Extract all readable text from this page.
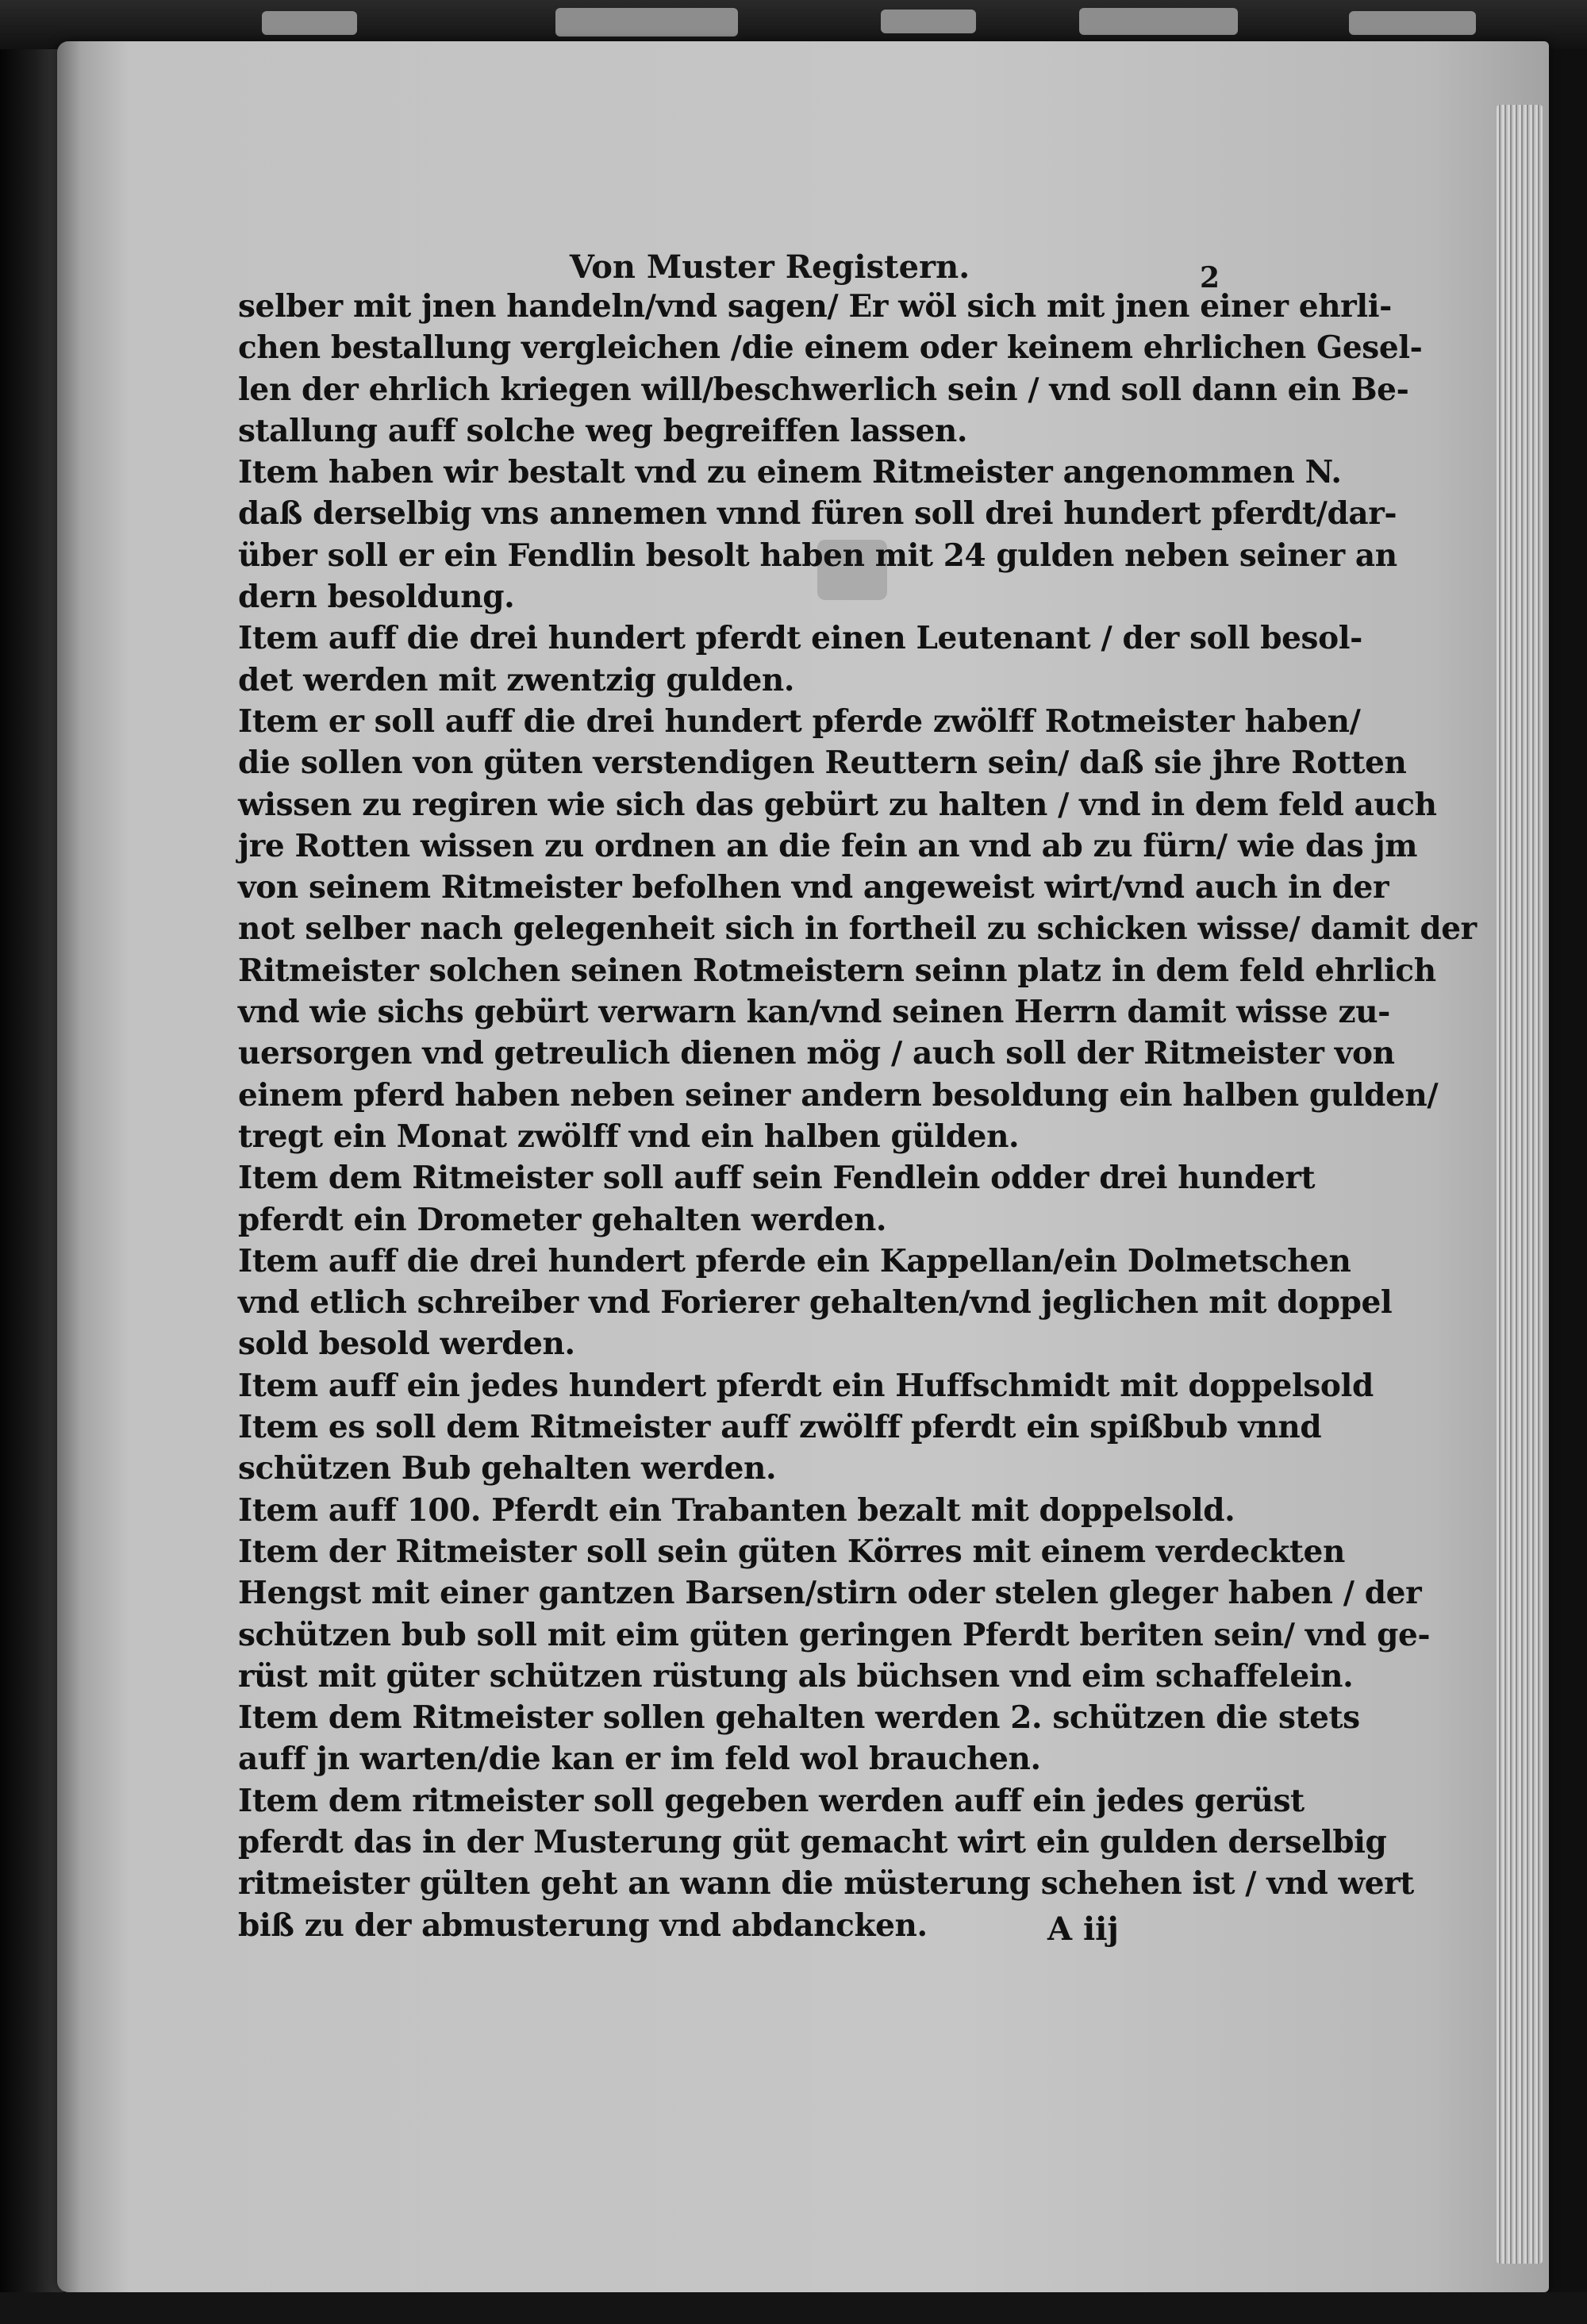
Von Muster Registern.	2
selber mit jnen handeln/vnd sagen/ Er wöl sich mit jnen einer ehrli-
chen bestallung vergleichen /die einem oder keinem ehrlichen Gesel-
len der ehrlich kriegen will/beschwerlich sein / vnd soll dann ein Be-
stallung auff solche weg begreiffen lassen.
Item haben wir bestalt vnd zu einem Ritmeister angenommen N.
daß derselbig vns annemen vnnd füren soll drei hundert pferdt/dar-
über soll er ein Fendlin besolt haben mit 24 gulden neben seiner an
dern besoldung.
Item auff die drei hundert pferdt einen Leutenant / der soll besol-
det werden mit zwentzig gulden.
Item er soll auff die drei hundert pferde zwölff Rotmeister haben/
die sollen von güten verstendigen Reuttern sein/ daß sie jhre Rotten
wissen zu regiren wie sich das gebürt zu halten / vnd in dem feld auch
jre Rotten wissen zu ordnen an die fein an vnd ab zu fürn/ wie das jm
von seinem Ritmeister befolhen vnd angeweist wirt/vnd auch in der
not selber nach gelegenheit sich in fortheil zu schicken wisse/ damit der
Ritmeister solchen seinen Rotmeistern seinn platz in dem feld ehrlich
vnd wie sichs gebürt verwarn kan/vnd seinen Herrn damit wisse zu-
uersorgen vnd getreulich dienen mög / auch soll der Ritmeister von
einem pferd haben neben seiner andern besoldung ein halben gulden/
tregt ein Monat zwölff vnd ein halben gülden.
Item dem Ritmeister soll auff sein Fendlein odder drei hundert
pferdt ein Drometer gehalten werden.
Item auff die drei hundert pferde ein Kappellan/ein Dolmetschen
vnd etlich schreiber vnd Forierer gehalten/vnd jeglichen mit doppel
sold besold werden.
Item auff ein jedes hundert pferdt ein Huffschmidt mit doppelsold
Item es soll dem Ritmeister auff zwölff pferdt ein spißbub vnnd
schützen Bub gehalten werden.
Item auff 100. Pferdt ein Trabanten bezalt mit doppelsold.
Item der Ritmeister soll sein güten Körres mit einem verdeckten
Hengst mit einer gantzen Barsen/stirn oder stelen gleger haben / der
schützen bub soll mit eim güten geringen Pferdt beriten sein/ vnd ge-
rüst mit güter schützen rüstung als büchsen vnd eim schaffelein.
Item dem Ritmeister sollen gehalten werden 2. schützen die stets
auff jn warten/die kan er im feld wol brauchen.
Item dem ritmeister soll gegeben werden auff ein jedes gerüst
pferdt das in der Musterung güt gemacht wirt ein gulden derselbig
ritmeister gülten geht an wann die müsterung schehen ist / vnd wert
biß zu der abmusterung vnd abdancken.	A iij
